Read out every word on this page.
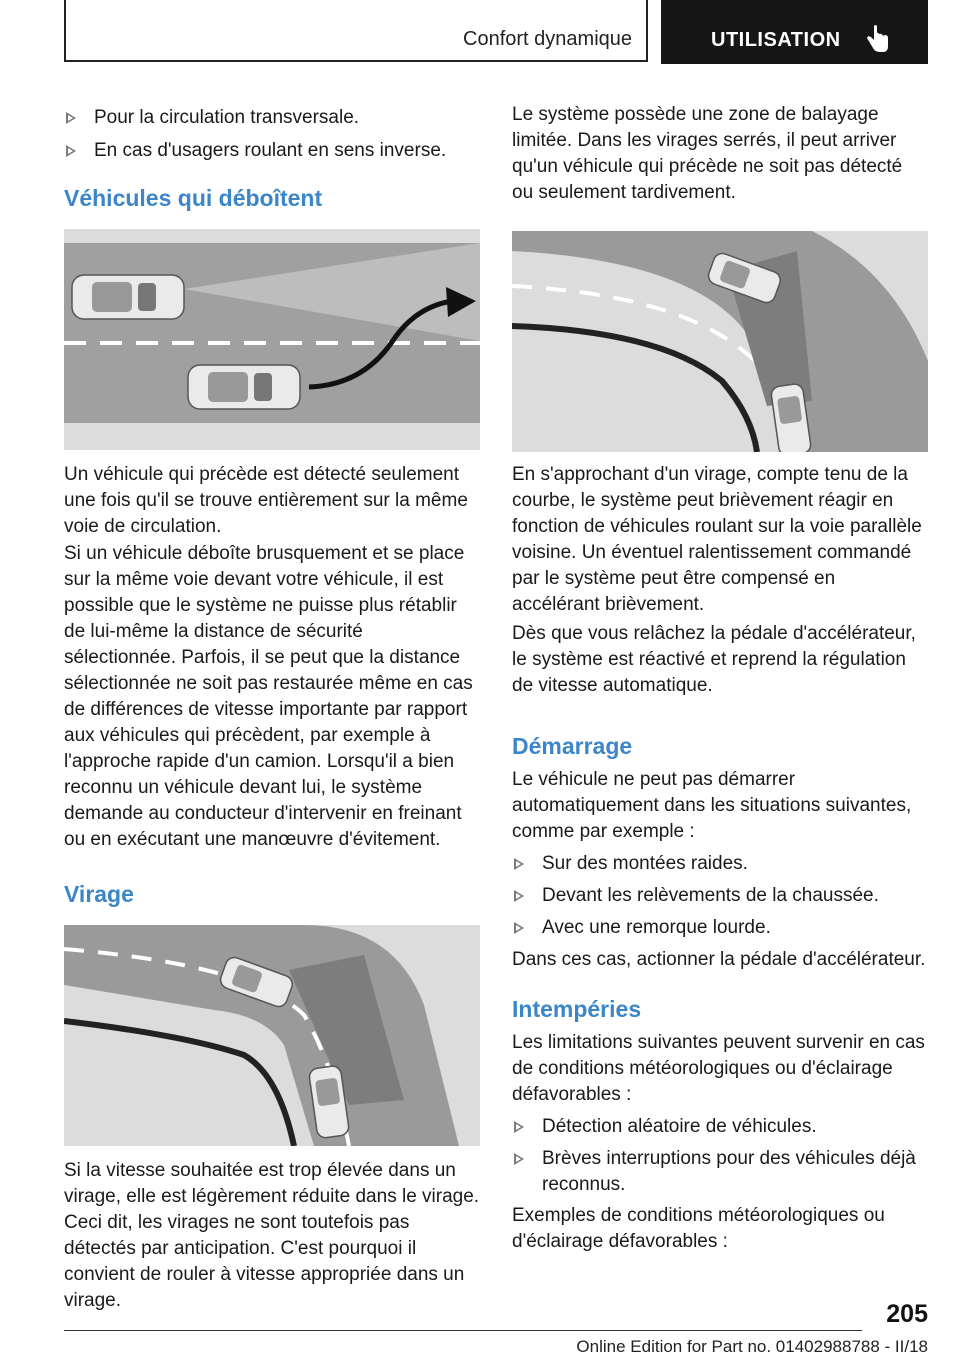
Confort dynamique	UTILISATION
Pour la circulation transversale.
En cas d'usagers roulant en sens inverse.
Véhicules qui déboîtent
Un véhicule qui précède est détecté seulement une fois qu'il se trouve entièrement sur la même voie de circulation.
Si un véhicule déboîte brusquement et se place sur la même voie devant votre véhicule, il est possible que le système ne puisse plus rétablir de lui-même la distance de sécurité sélectionnée. Parfois, il se peut que la distance sélectionnée ne soit pas restaurée même en cas de différences de vitesse importante par rapport aux véhicules qui précèdent, par exemple à l'approche rapide d'un camion. Lorsqu'il a bien reconnu un véhicule devant lui, le système demande au conducteur d'intervenir en freinant ou en exécutant une manœuvre d'évitement.
Virage
Si la vitesse souhaitée est trop élevée dans un virage, elle est légèrement réduite dans le virage. Ceci dit, les virages ne sont toutefois pas détectés par anticipation. C'est pourquoi il convient de rouler à vitesse appropriée dans un virage.
Le système possède une zone de balayage limitée. Dans les virages serrés, il peut arriver qu'un véhicule qui précède ne soit pas détecté ou seulement tardivement.
En s'approchant d'un virage, compte tenu de la courbe, le système peut brièvement réagir en fonction de véhicules roulant sur la voie parallèle voisine. Un éventuel ralentissement commandé par le système peut être compensé en accélérant brièvement.
Dès que vous relâchez la pédale d'accélérateur, le système est réactivé et reprend la régulation de vitesse automatique.
Démarrage
Le véhicule ne peut pas démarrer automatiquement dans les situations suivantes, comme par exemple :
Sur des montées raides.
Devant les relèvements de la chaussée.
Avec une remorque lourde.
Dans ces cas, actionner la pédale d'accélérateur.
Intempéries
Les limitations suivantes peuvent survenir en cas de conditions météorologiques ou d'éclairage défavorables :
Détection aléatoire de véhicules.
Brèves interruptions pour des véhicules déjà reconnus.
Exemples de conditions météorologiques ou d'éclairage défavorables :
205
Online Edition for Part no. 01402988788 - II/18
